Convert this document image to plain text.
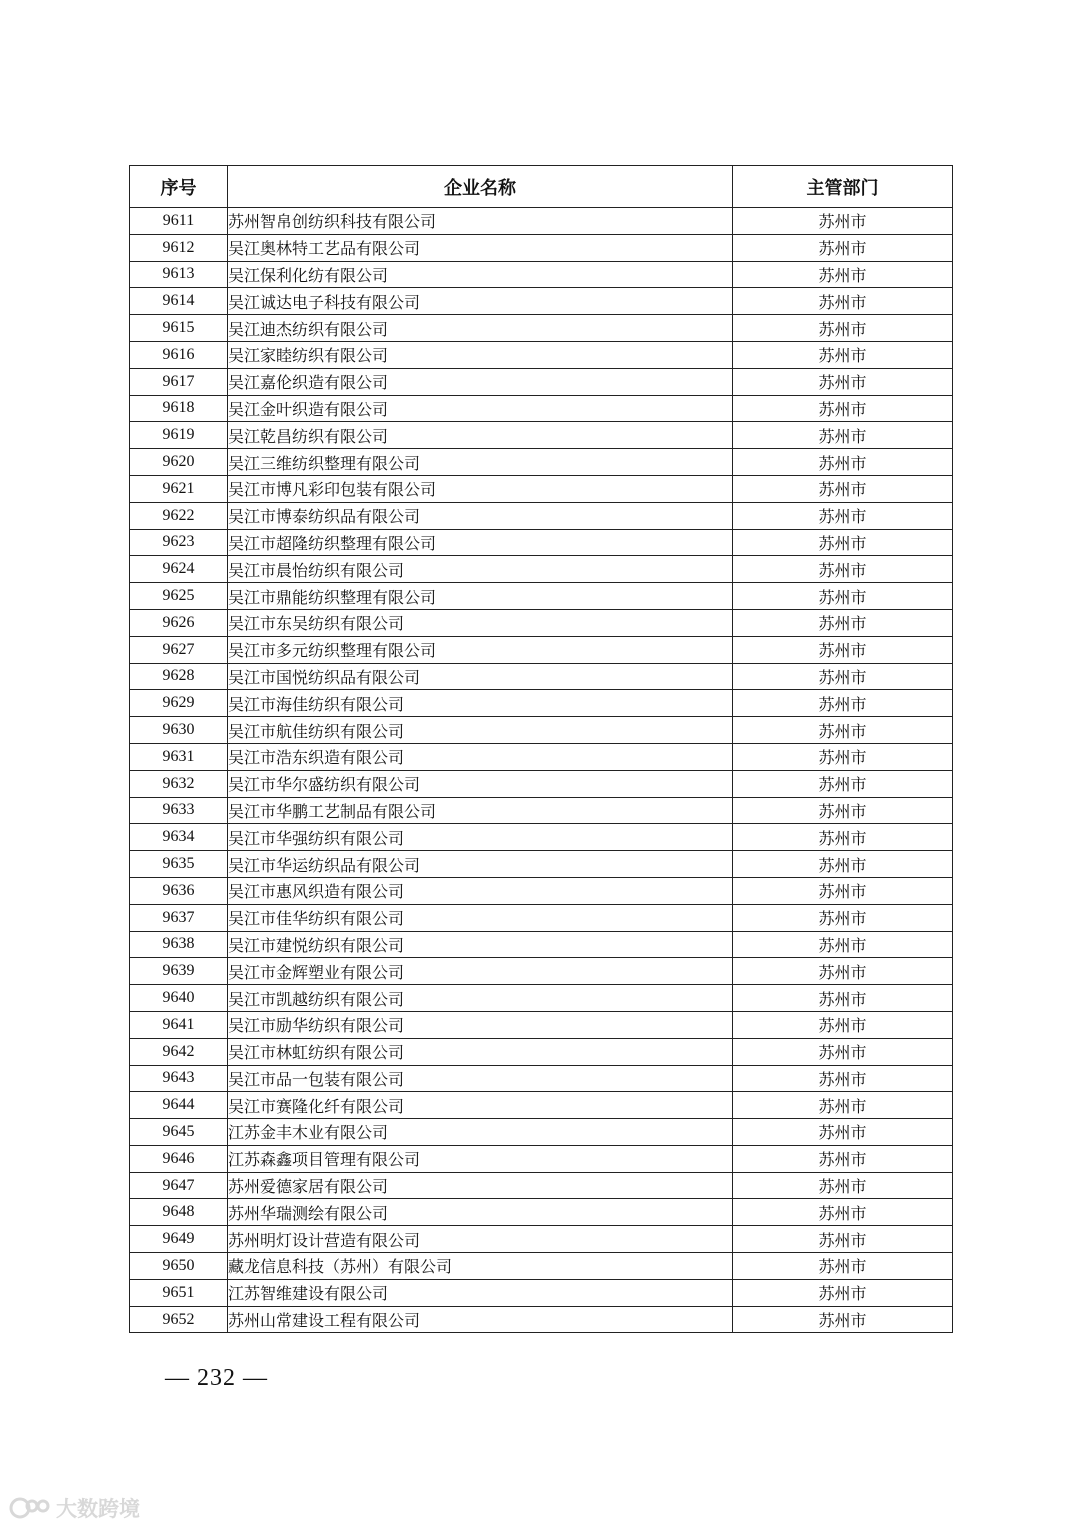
序号	企业名称	主管部门
9611	苏州智帛创纺织科技有限公司	苏州市
9612	吴江奥林特工艺品有限公司	苏州市
9613	吴江保利化纺有限公司	苏州市
9614	吴江诚达电子科技有限公司	苏州市
9615	吴江迪杰纺织有限公司	苏州市
9616	吴江家睦纺织有限公司	苏州市
9617	吴江嘉伦织造有限公司	苏州市
9618	吴江金叶织造有限公司	苏州市
9619	吴江乾昌纺织有限公司	苏州市
9620	吴江三维纺织整理有限公司	苏州市
9621	吴江市博凡彩印包装有限公司	苏州市
9622	吴江市博泰纺织品有限公司	苏州市
9623	吴江市超隆纺织整理有限公司	苏州市
9624	吴江市晨怡纺织有限公司	苏州市
9625	吴江市鼎能纺织整理有限公司	苏州市
9626	吴江市东吴纺织有限公司	苏州市
9627	吴江市多元纺织整理有限公司	苏州市
9628	吴江市国悦纺织品有限公司	苏州市
9629	吴江市海佳纺织有限公司	苏州市
9630	吴江市航佳纺织有限公司	苏州市
9631	吴江市浩东织造有限公司	苏州市
9632	吴江市华尔盛纺织有限公司	苏州市
9633	吴江市华鹏工艺制品有限公司	苏州市
9634	吴江市华强纺织有限公司	苏州市
9635	吴江市华运纺织品有限公司	苏州市
9636	吴江市惠风织造有限公司	苏州市
9637	吴江市佳华纺织有限公司	苏州市
9638	吴江市建悦纺织有限公司	苏州市
9639	吴江市金辉塑业有限公司	苏州市
9640	吴江市凯越纺织有限公司	苏州市
9641	吴江市励华纺织有限公司	苏州市
9642	吴江市林虹纺织有限公司	苏州市
9643	吴江市品一包装有限公司	苏州市
9644	吴江市赛隆化纤有限公司	苏州市
9645	江苏金丰木业有限公司	苏州市
9646	江苏森鑫项目管理有限公司	苏州市
9647	苏州爱德家居有限公司	苏州市
9648	苏州华瑞测绘有限公司	苏州市
9649	苏州明灯设计营造有限公司	苏州市
9650	藏龙信息科技（苏州）有限公司	苏州市
9651	江苏智维建设有限公司	苏州市
9652	苏州山常建设工程有限公司	苏州市
— 232 —
大数跨境
